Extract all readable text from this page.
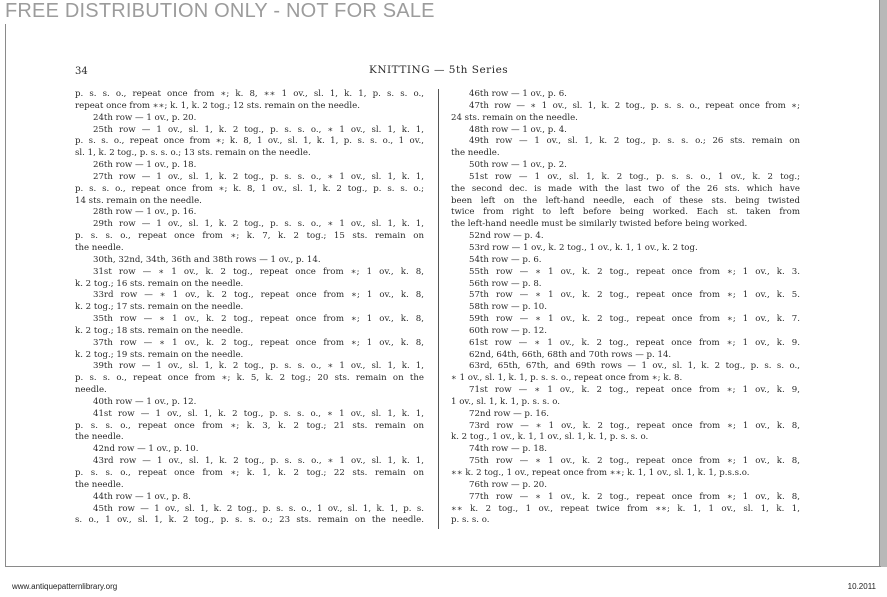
FREE DISTRIBUTION ONLY - NOT FOR SALE
34	KNITTING — 5th Series
p. s. s. o., repeat once from ∗; k. 8, ∗∗ 1 ov., sl. 1, k. 1, p. s. s. o.,
repeat once from ∗∗; k. 1, k. 2 tog.; 12 sts. remain on the needle.
24th row — 1 ov., p. 20.
25th row — 1 ov., sl. 1, k. 2 tog., p. s. s. o., ∗ 1 ov., sl. 1, k. 1,
p. s. s. o., repeat once from ∗; k. 8, 1 ov., sl. 1, k. 1, p. s. s. o., 1 ov.,
sl. 1, k. 2 tog., p. s. s. o.; 13 sts. remain on the needle.
26th row — 1 ov., p. 18.
27th row — 1 ov., sl. 1, k. 2 tog., p. s. s. o., ∗ 1 ov., sl. 1, k. 1,
p. s. s. o., repeat once from ∗; k. 8, 1 ov., sl. 1, k. 2 tog., p. s. s. o.;
14 sts. remain on the needle.
28th row — 1 ov., p. 16.
29th row — 1 ov., sl. 1, k. 2 tog., p. s. s. o., ∗ 1 ov., sl. 1, k. 1,
p. s. s. o., repeat once from ∗; k. 7, k. 2 tog.; 15 sts. remain on
the needle.
30th, 32nd, 34th, 36th and 38th rows — 1 ov., p. 14.
31st row — ∗ 1 ov., k. 2 tog., repeat once from ∗; 1 ov., k. 8,
k. 2 tog.; 16 sts. remain on the needle.
33rd row — ∗ 1 ov., k. 2 tog., repeat once from ∗; 1 ov., k. 8,
k. 2 tog.; 17 sts. remain on the needle.
35th row — ∗ 1 ov., k. 2 tog., repeat once from ∗; 1 ov., k. 8,
k. 2 tog.; 18 sts. remain on the needle.
37th row — ∗ 1 ov., k. 2 tog., repeat once from ∗; 1 ov., k. 8,
k. 2 tog.; 19 sts. remain on the needle.
39th row — 1 ov., sl. 1, k. 2 tog., p. s. s. o., ∗ 1 ov., sl. 1, k. 1,
p. s. s. o., repeat once from ∗; k. 5, k. 2 tog.; 20 sts. remain on the
needle.
40th row — 1 ov., p. 12.
41st row — 1 ov., sl. 1, k. 2 tog., p. s. s. o., ∗ 1 ov., sl. 1, k. 1,
p. s. s. o., repeat once from ∗; k. 3, k. 2 tog.; 21 sts. remain on
the needle.
42nd row — 1 ov., p. 10.
43rd row — 1 ov., sl. 1, k. 2 tog., p. s. s. o., ∗ 1 ov., sl. 1, k. 1,
p. s. s. o., repeat once from ∗; k. 1, k. 2 tog.; 22 sts. remain on
the needle.
44th row — 1 ov., p. 8.
45th row — 1 ov., sl. 1, k. 2 tog., p. s. s. o., 1 ov., sl. 1, k. 1, p. s.
s. o., 1 ov., sl. 1, k. 2 tog., p. s. s. o.; 23 sts. remain on the needle.
46th row — 1 ov., p. 6.
47th row — ∗ 1 ov., sl. 1, k. 2 tog., p. s. s. o., repeat once from ∗;
24 sts. remain on the needle.
48th row — 1 ov., p. 4.
49th row — 1 ov., sl. 1, k. 2 tog., p. s. s. o.; 26 sts. remain on
the needle.
50th row — 1 ov., p. 2.
51st row — 1 ov., sl. 1, k. 2 tog., p. s. s. o., 1 ov., k. 2 tog.;
the second dec. is made with the last two of the 26 sts. which have
been left on the left-hand needle, each of these sts. being twisted
twice from right to left before being worked. Each st. taken from
the left-hand needle must be similarly twisted before being worked.
52nd row — p. 4.
53rd row — 1 ov., k. 2 tog., 1 ov., k. 1, 1 ov., k. 2 tog.
54th row — p. 6.
55th row — ∗ 1 ov., k. 2 tog., repeat once from ∗; 1 ov., k. 3.
56th row — p. 8.
57th row — ∗ 1 ov., k. 2 tog., repeat once from ∗; 1 ov., k. 5.
58th row — p. 10.
59th row — ∗ 1 ov., k. 2 tog., repeat once from ∗; 1 ov., k. 7.
60th row — p. 12.
61st row — ∗ 1 ov., k. 2 tog., repeat once from ∗; 1 ov., k. 9.
62nd, 64th, 66th, 68th and 70th rows — p. 14.
63rd, 65th, 67th, and 69th rows — 1 ov., sl. 1, k. 2 tog., p. s. s. o.,
∗ 1 ov., sl. 1, k. 1, p. s. s. o., repeat once from ∗; k. 8.
71st row — ∗ 1 ov., k. 2 tog., repeat once from ∗; 1 ov., k. 9,
1 ov., sl. 1, k. 1, p. s. s. o.
72nd row — p. 16.
73rd row — ∗ 1 ov., k. 2 tog., repeat once from ∗; 1 ov., k. 8,
k. 2 tog., 1 ov., k. 1, 1 ov., sl. 1, k. 1, p. s. s. o.
74th row — p. 18.
75th row — ∗ 1 ov., k. 2 tog., repeat once from ∗; 1 ov., k. 8,
∗∗ k. 2 tog., 1 ov., repeat once from ∗∗; k. 1, 1 ov., sl. 1, k. 1, p.s.s.o.
76th row — p. 20.
77th row — ∗ 1 ov., k. 2 tog., repeat once from ∗; 1 ov., k. 8,
∗∗ k. 2 tog., 1 ov., repeat twice from ∗∗; k. 1, 1 ov., sl. 1, k. 1,
p. s. s. o.
www.antiquepatternlibrary.org	10.2011
